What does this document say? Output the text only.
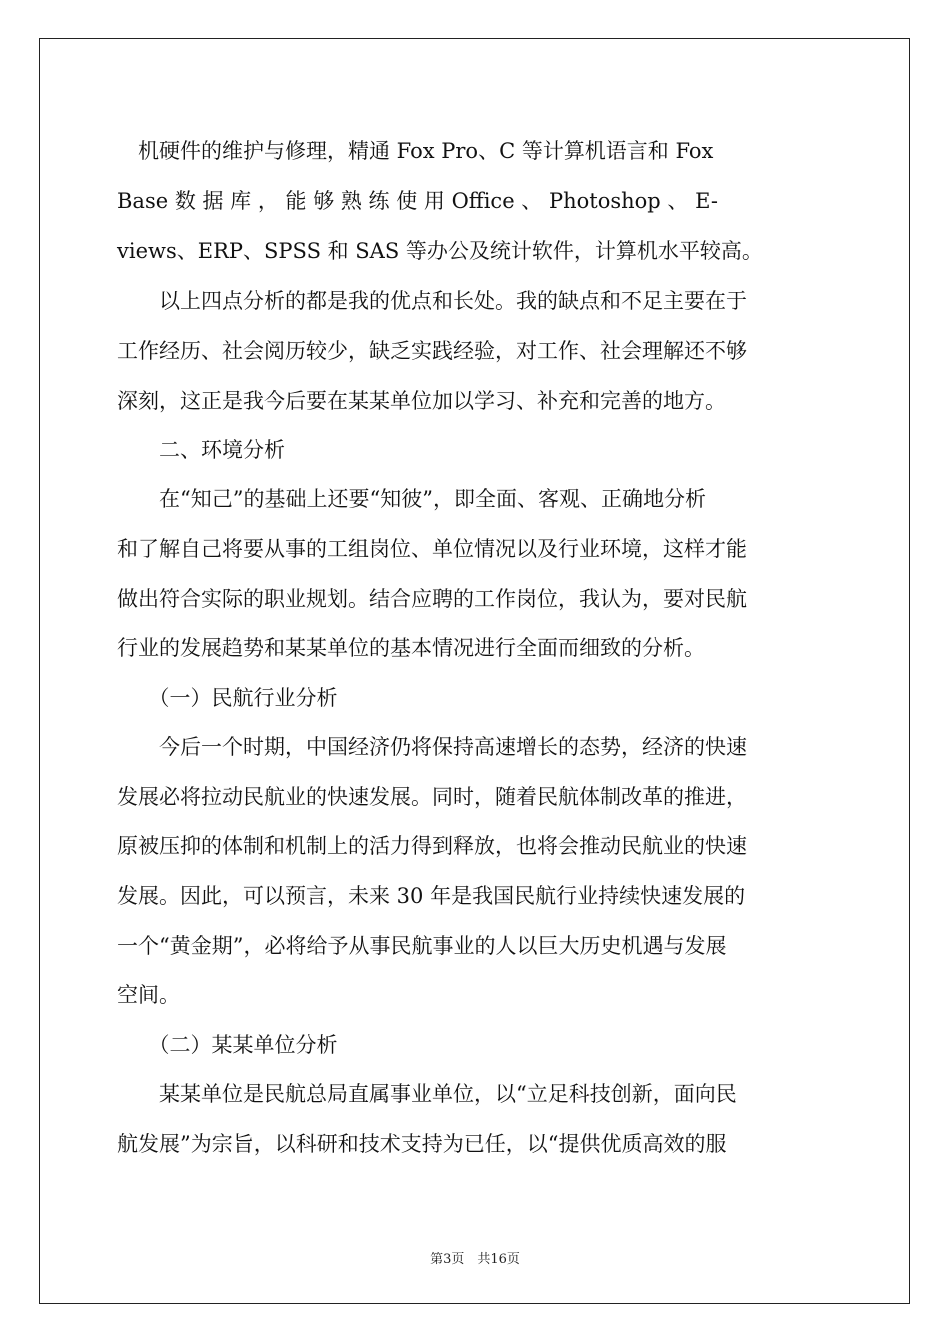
　机硬件的维护与修理，精通 Fox Pro、C 等计算机语言和 Fox
Base 数 据 库 ， 能 够 熟 练 使 用 Office 、 Photoshop 、 E-
views、ERP、SPSS 和 SAS 等办公及统计软件，计算机水平较高。
　　以上四点分析的都是我的优点和长处。我的缺点和不足主要在于
工作经历、社会阅历较少，缺乏实践经验，对工作、社会理解还不够
深刻，这正是我今后要在某某单位加以学习、补充和完善的地方。
　　二、环境分析
　　在“知己”的基础上还要“知彼”，即全面、客观、正确地分析
和了解自己将要从事的工组岗位、单位情况以及行业环境，这样才能
做出符合实际的职业规划。结合应聘的工作岗位，我认为，要对民航
行业的发展趋势和某某单位的基本情况进行全面而细致的分析。
　　（一）民航行业分析
　　今后一个时期，中国经济仍将保持高速增长的态势，经济的快速
发展必将拉动民航业的快速发展。同时，随着民航体制改革的推进，
原被压抑的体制和机制上的活力得到释放，也将会推动民航业的快速
发展。因此，可以预言，未来 30 年是我国民航行业持续快速发展的
一个“黄金期”，必将给予从事民航事业的人以巨大历史机遇与发展
空间。
　　（二）某某单位分析
　　某某单位是民航总局直属事业单位，以“立足科技创新，面向民
航发展”为宗旨，以科研和技术支持为已任，以“提供优质高效的服
第3页　共16页
